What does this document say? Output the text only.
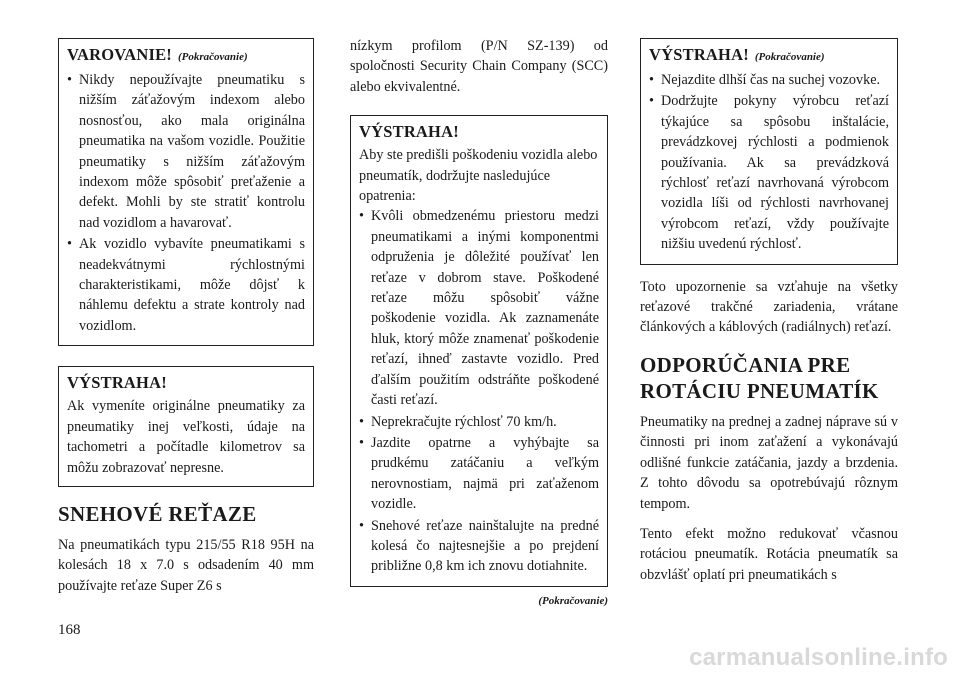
VAROVANIE! (Pokračovanie)
• Nikdy nepoužívajte pneumatiku s nižším záťažovým indexom alebo nosnosťou, ako mala originálna pneumatika na vašom vozidle. Použitie pneumatiky s nižším záťažovým indexom môže spôsobiť preťaženie a defekt. Mohli by ste stratiť kontrolu nad vozidlom a havarovať.
• Ak vozidlo vybavíte pneumatikami s neadekvátnymi rýchlostnými charakteristikami, môže dôjsť k náhlemu defektu a strate kontroly nad vozidlom.
VÝSTRAHA!

Ak vymeníte originálne pneumatiky za pneumatiky inej veľkosti, údaje na tachometri a počítadle kilometrov sa môžu zobrazovať nepresne.

SNEHOVÉ REŤAZE

Na pneumatikách typu 215/55 R18 95H na kolesách 18 x 7.0 s odsadením 40 mm používajte reťaze Super Z6 s

nízkym profilom (P/N SZ-139) od spoločnosti Security Chain Company (SCC) alebo ekvivalentné.

VÝSTRAHA!

Aby ste predišli poškodeniu vozidla alebo pneumatík, dodržujte nasledujúce opatrenia:

• Kvôli obmedzenému priestoru medzi pneumatikami a inými komponentmi odpruženia je dôležité používať len reťaze v dobrom stave. Poškodené reťaze môžu spôsobiť vážne poškodenie vozidla. Ak zaznamenáte hluk, ktorý môže znamenať poškodenie reťazí, ihneď zastavte vozidlo. Pred ďalším použitím odstráňte poškodené časti reťazí.
• Neprekračujte rýchlosť 70 km/h.
• Jazdite opatrne a vyhýbajte sa prudkému zatáčaniu a veľkým nerovnostiam, najmä pri zaťaženom vozidle.
• Snehové reťaze nainštalujte na predné kolesá čo najtesnejšie a po prejdení približne 0,8 km ich znovu dotiahnite.
(Pokračovanie)
VÝSTRAHA! (Pokračovanie)
• Nejazdite dlhší čas na suchej vozovke.
• Dodržujte pokyny výrobcu reťazí týkajúce sa spôsobu inštalácie, prevádzkovej rýchlosti a podmienok používania. Ak sa prevádzková rýchlosť reťazí navrhovaná výrobcom vozidla líši od rýchlosti navrhovanej výrobcom reťazí, vždy používajte nižšiu uvedenú rýchlosť.

Toto upozornenie sa vzťahuje na všetky reťazové trakčné zariadenia, vrátane článkových a káblových (radiálnych) reťazí.

ODPORÚČANIA PRE
ROTÁCIU PNEUMATÍK

Pneumatiky na prednej a zadnej náprave sú v činnosti pri inom zaťažení a vykonávajú odlišné funkcie zatáčania, jazdy a brzdenia. Z tohto dôvodu sa opotrebúvajú rôznym tempom.

Tento efekt možno redukovať včasnou rotáciou pneumatík. Rotácia pneumatík sa obzvlášť oplatí pri pneumatikách s

168
carmanualsonline.info
